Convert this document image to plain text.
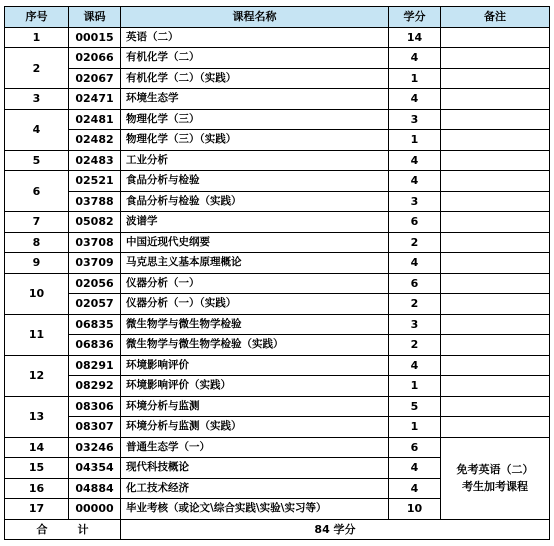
序号	课码	课程名称	学分	备注
1	00015	英语（二）	14	
2	02066	有机化学（二）	4	
	02067	有机化学（二）（实践）	1	
3	02471	环境生态学	4	
4	02481	物理化学（三）	3	
	02482	物理化学（三）（实践）	1	
5	02483	工业分析	4	
6	02521	食品分析与检验	4	
	03788	食品分析与检验（实践）	3	
7	05082	波谱学	6	
8	03708	中国近现代史纲要	2	
9	03709	马克思主义基本原理概论	4	
10	02056	仪器分析（一）	6	
	02057	仪器分析（一）（实践）	2	
11	06835	微生物学与微生物学检验	3	
	06836	微生物学与微生物学检验（实践）	2	
12	08291	环境影响评价	4	
	08292	环境影响评价（实践）	1	
13	08306	环境分析与监测	5	
	08307	环境分析与监测（实践）	1	
14	03246	普通生态学（一）	6	免考英语（二）
考生加考课程

15	04354	现代科技概论	4	
16	04884	化工技术经济	4	
17	00000	毕业考核（或论文\综合实践\实验\实习等）	10	
合 计		84 学分		
